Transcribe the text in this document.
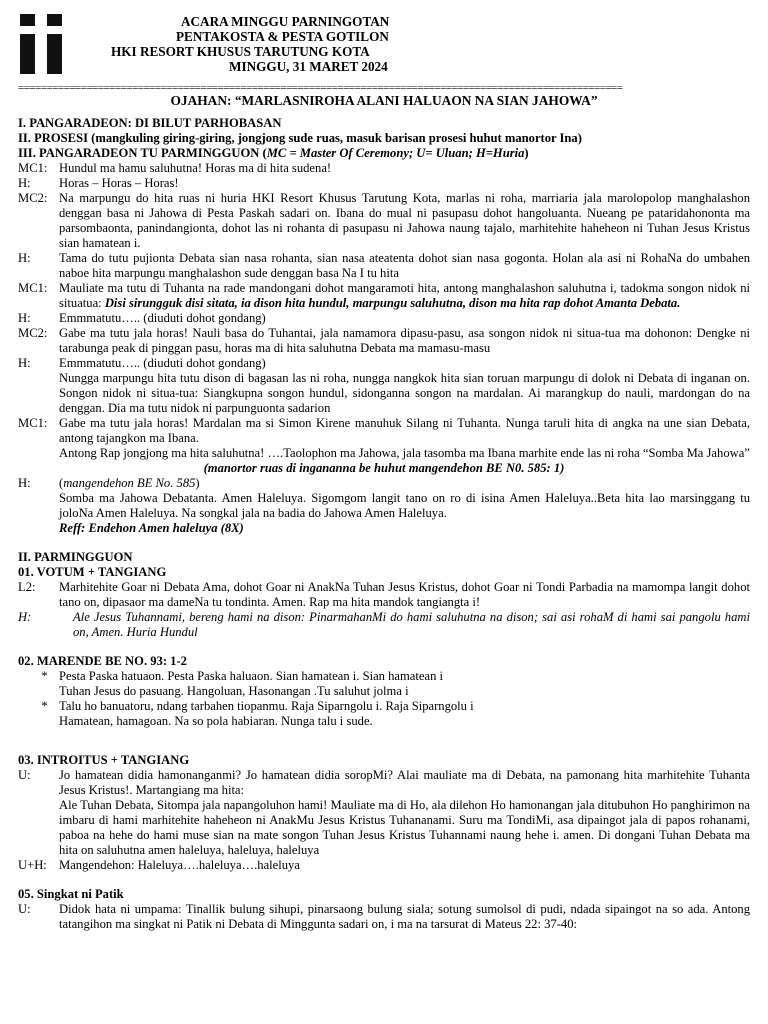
ACARA MINGGU PARNINGOTAN
PENTAKOSTA & PESTA GOTILON
HKI RESORT KHUSUS TARUTUNG KOTA
MINGGU, 31 MARET 2024
==========================================================================================================
OJAHAN: “MARLASNIROHA ALANI HALUAON NA SIAN JAHOWA”
I. PANGARADEON: DI BILUT PARHOBASAN
II. PROSESI (mangkuling giring-giring, jongjong sude ruas, masuk barisan prosesi huhut manortor Ina)
III. PANGARADEON TU PARMINGGUON (MC = Master Of Ceremony; U= Uluan; H=Huria)
MC1: Hundul ma hamu saluhutna! Horas ma di hita sudena!
H:	Horas – Horas – Horas!
MC2: Na marpungu do hita ruas ni huria HKI Resort Khusus Tarutung Kota, marlas ni roha, marriaria jala marolopolop manghalashon denggan basa ni Jahowa di Pesta Paskah sadari on. Ibana do mual ni pasupasu dohot hangoluanta. Nueang pe pataridahononta ma parsombaonta, panindangionta, dohot las ni rohanta di pasupasu ni Jahowa naung tajalo, marhitehite haheheon ni Tuhan Jesus Kristus sian hamatean i.
H:	Tama do tutu pujionta Debata sian nasa rohanta, sian nasa ateatenta dohot sian nasa gogonta. Holan ala asi ni RohaNa do umbahen naboe hita marpungu manghalashon sude denggan basa Na I tu hita
MC1: Mauliate ma tutu di Tuhanta na rade mandongani dohot mangaramoti hita, antong manghalashon saluhutna i, tadokma songon nidok ni situatua: Disi sirungguk disi sitata, ia dison hita hundul, marpungu saluhutna, dison ma hita rap dohot Amanta Debata.
H:	Emmmatutu….. (diuduti dohot gondang)
MC2: Gabe ma tutu jala horas! Nauli basa do Tuhantai, jala namamora dipasu-pasu, asa songon nidok ni situa-tua ma dohonon: Dengke ni tarabunga peak di pinggan pasu, horas ma di hita saluhutna Debata ma mamasu-masu
H:	Emmmatutu….. (diuduti dohot gondang)
Nungga marpungu hita tutu dison di bagasan las ni roha, nungga nangkok hita sian toruan marpungu di dolok ni Debata di inganan on. Songon nidok ni situa-tua: Siangkupna songon hundul, sidonganna songon na mardalan. Ai marangkup do nauli, mardongan do na denggan. Dia ma tutu nidok ni parpunguonta sadarion
MC1: Gabe ma tutu jala horas! Mardalan ma si Simon Kirene manuhuk Silang ni Tuhanta. Nunga taruli hita di angka na une sian Debata, antong tajangkon ma Ibana.
Antong Rap jongjong ma hita saluhutna! ….Taolophon ma Jahowa, jala tasomba ma Ibana marhite ende las ni roha “Somba Ma Jahowa”
(manortor ruas di ingananna be huhut mangendehon BE N0. 585: 1)
H:	(mangendehon BE No. 585)
Somba ma Jahowa Debatanta. Amen Haleluya. Sigomgom langit tano on ro di isina Amen Haleluya..Beta hita lao marsinggang tu joloNa Amen Haleluya. Na songkal jala na badia do Jahowa Amen Haleluya.
Reff: Endehon Amen haleluya (8X)
II. PARMINGGUON
01. VOTUM + TANGIANG
L2:	Marhitehite Goar ni Debata Ama, dohot Goar ni AnakNa Tuhan Jesus Kristus, dohot Goar ni Tondi Parbadia na mamompa langit dohot tano on, dipasaor ma dameNa tu tondinta. Amen. Rap ma hita mandok tangiangta i!
H:	Ale Jesus Tuhannami, bereng hami na dison: PinarmahanMi do hami saluhutna na dison; sai asi rohaM di hami sai pangolu hami on, Amen. Huria Hundul
02. MARENDE BE NO. 93: 1-2
* Pesta Paska hatuaon. Pesta Paska haluaon. Sian hamatean i. Sian hamatean i
Tuhan Jesus do pasuang. Hangoluan, Hasonangan .Tu saluhut jolma i
* Talu ho banuatoru, ndang tarbahen tiopanmu. Raja Siparngolu i. Raja Siparngolu i
Hamatean, hamagoan. Na so pola habiaran. Nunga talu i sude.
03. INTROITUS + TANGIANG
U:	Jo hamatean didia hamonanganmi? Jo hamatean didia soropMi? Alai mauliate ma di Debata, na pamonang hita marhitehite Tuhanta Jesus Kristus!. Martangiang ma hita:
Ale Tuhan Debata, Sitompa jala napangoluhon hami! Mauliate ma di Ho, ala dilehon Ho hamonangan jala ditubuhon Ho panghirimon na imbaru di hami marhitehite haheheon ni AnakMu Jesus Kristus Tuhananami. Suru ma TondiMi, asa dipaingot jala di papos rohanami, paboa na hehe do hami muse sian na mate songon Tuhan Jesus Kristus Tuhannami naung hehe i. amen. Di dongani Tuhan Debata ma hita on saluhutna amen haleluya, haleluya, haleluya
U+H: Mangendehon: Haleluya….haleluya….haleluya
05. Singkat ni Patik
U:	Didok hata ni umpama: Tinallik bulung sihupi, pinarsaong bulung siala; sotung sumolsol di pudi, ndada sipaingot na so ada. Antong tatangihon ma singkat ni Patik ni Debata di Mingguntа sadari on, i ma na tarsurat di Mateus 22: 37-40:
